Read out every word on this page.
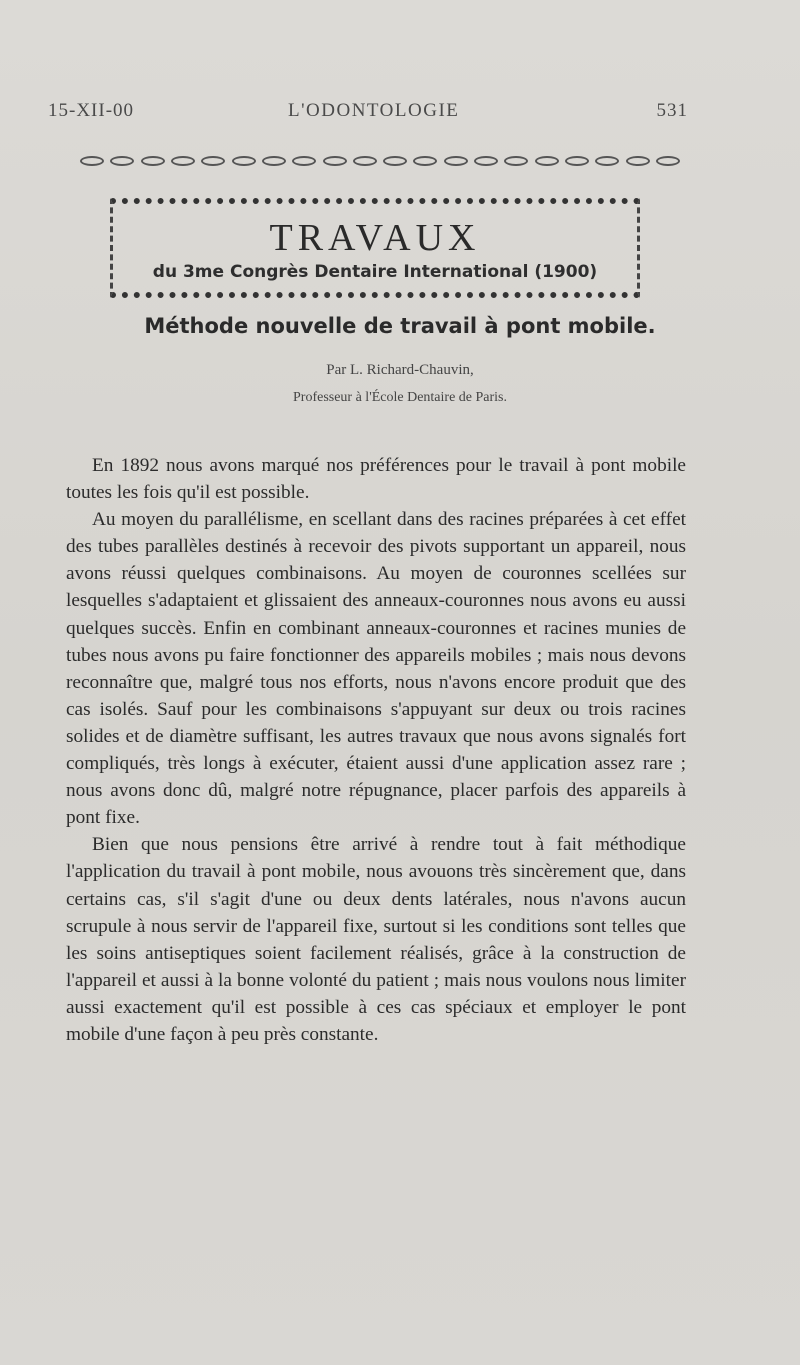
15-XII-00	L'ODONTOLOGIE	531
TRAVAUX
du 3me Congrès Dentaire International (1900)
Méthode nouvelle de travail à pont mobile.
Par L. Richard-Chauvin,
Professeur à l'École Dentaire de Paris.

En 1892 nous avons marqué nos préférences pour le travail à pont mobile toutes les fois qu'il est possible.

Au moyen du parallélisme, en scellant dans des racines préparées à cet effet des tubes parallèles destinés à recevoir des pivots supportant un appareil, nous avons réussi quelques combinaisons. Au moyen de couronnes scellées sur lesquelles s'adaptaient et glissaient des anneaux-couronnes nous avons eu aussi quelques succès. Enfin en combinant anneaux-couronnes et racines munies de tubes nous avons pu faire fonctionner des appareils mobiles ; mais nous devons reconnaître que, malgré tous nos efforts, nous n'avons encore produit que des cas isolés. Sauf pour les combinaisons s'appuyant sur deux ou trois racines solides et de diamètre suffisant, les autres travaux que nous avons signalés fort compliqués, très longs à exécuter, étaient aussi d'une application assez rare ; nous avons donc dû, malgré notre répugnance, placer parfois des appareils à pont fixe.

Bien que nous pensions être arrivé à rendre tout à fait méthodique l'application du travail à pont mobile, nous avouons très sincèrement que, dans certains cas, s'il s'agit d'une ou deux dents latérales, nous n'avons aucun scrupule à nous servir de l'appareil fixe, surtout si les conditions sont telles que les soins antiseptiques soient facilement réalisés, grâce à la construction de l'appareil et aussi à la bonne volonté du patient ; mais nous voulons nous limiter aussi exactement qu'il est possible à ces cas spéciaux et employer le pont mobile d'une façon à peu près constante.
